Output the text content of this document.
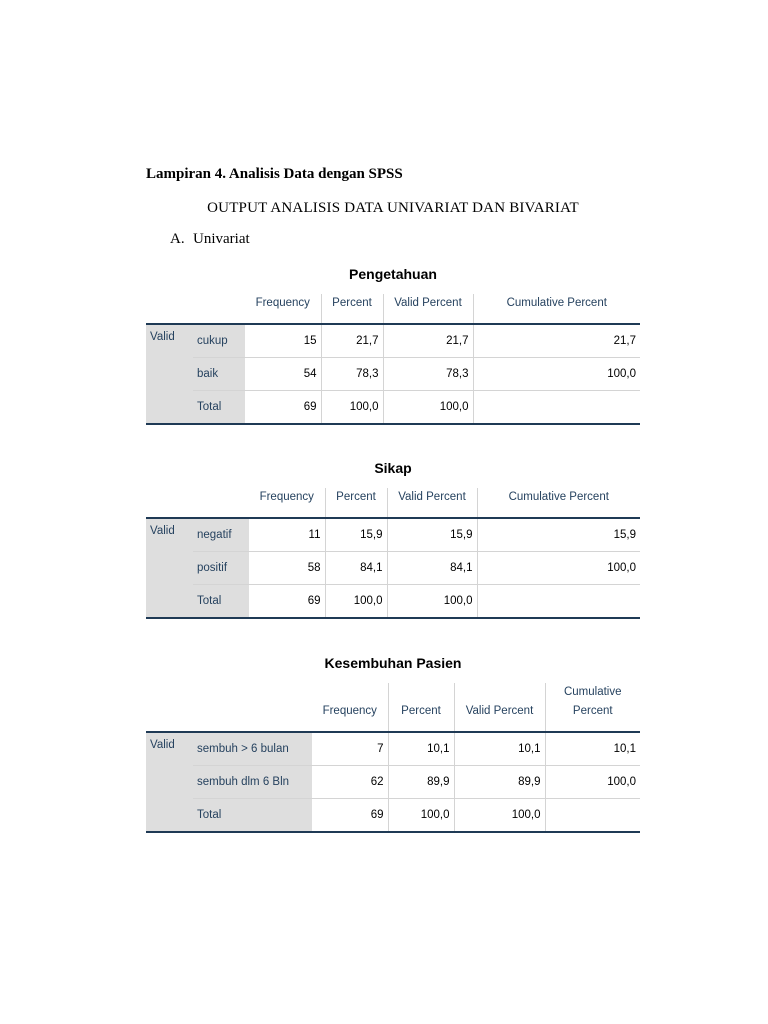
Lampiran 4. Analisis Data dengan SPSS

OUTPUT ANALISIS DATA UNIVARIAT DAN BIVARIAT

A. Univariat

Pengetahuan
		Frequency	Percent	Valid Percent	Cumulative Percent
Valid	cukup	15	21,7	21,7	21,7
	baik	54	78,3	78,3	100,0
	Total	69	100,0	100,0	
Sikap
		Frequency	Percent	Valid Percent	Cumulative Percent
Valid	negatif	11	15,9	15,9	15,9
	positif	58	84,1	84,1	100,0
	Total	69	100,0	100,0	
Kesembuhan Pasien
		Frequency	Percent	Valid Percent	Cumulative Percent
Valid	sembuh > 6 bulan	7	10,1	10,1	10,1
	sembuh dlm 6 Bln	62	89,9	89,9	100,0
	Total	69	100,0	100,0	
